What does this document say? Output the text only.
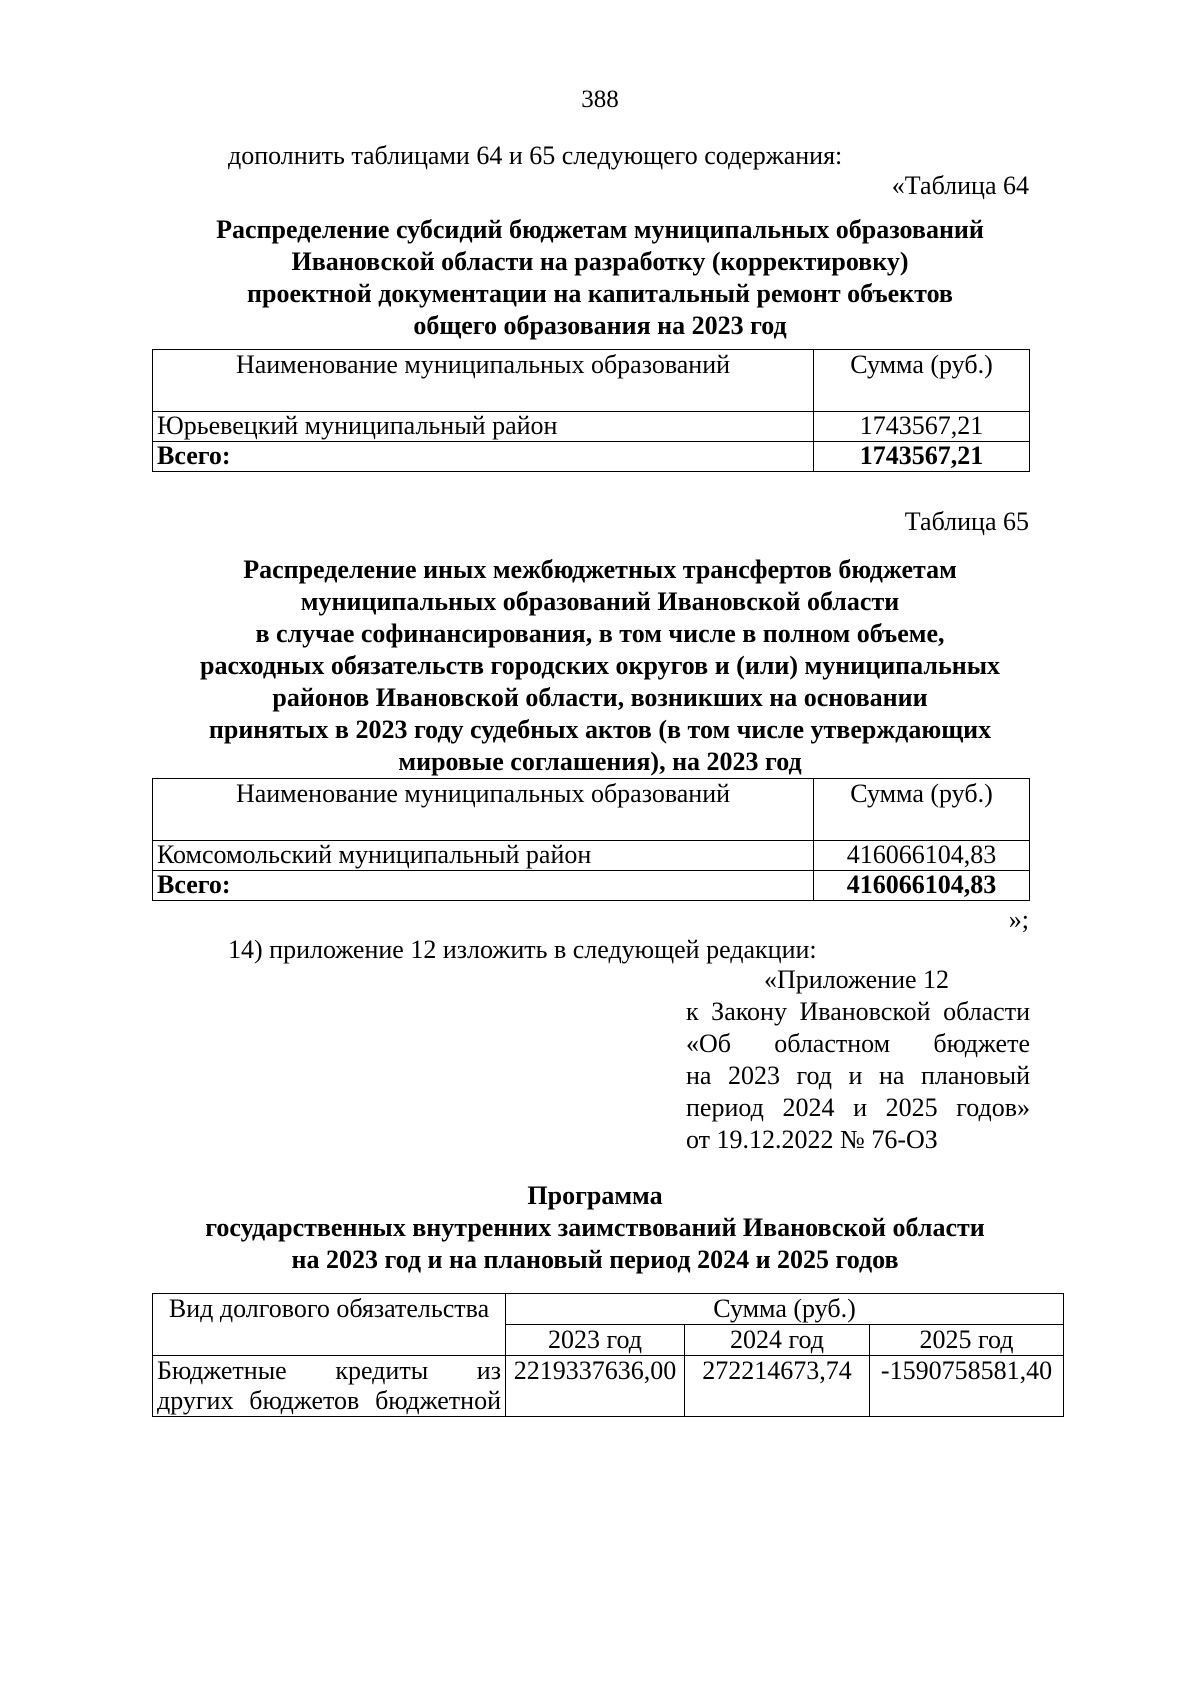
388
дополнить таблицами 64 и 65 следующего содержания:
«Таблица 64
Распределение субсидий бюджетам муниципальных образований
Ивановской области на разработку (корректировку)
проектной документации на капитальный ремонт объектов
общего образования на 2023 год
Наименование муниципальных образований	Сумма (руб.)
Юрьевецкий муниципальный район	1743567,21
Всего:	1743567,21
Таблица 65
Распределение иных межбюджетных трансфертов бюджетам
муниципальных образований Ивановской области
в случае софинансирования, в том числе в полном объеме,
расходных обязательств городских округов и (или) муниципальных
районов Ивановской области, возникших на основании
принятых в 2023 году судебных актов (в том числе утверждающих
мировые соглашения), на 2023 год
Наименование муниципальных образований	Сумма (руб.)
Комсомольский муниципальный район	416066104,83
Всего:	416066104,83
»;
14) приложение 12 изложить в следующей редакции:
«Приложение 12
к Закону Ивановской области
«Об областном бюджете
на 2023 год и на плановый
период 2024 и 2025 годов»
от 19.12.2022 № 76-ОЗ
Программа
государственных внутренних заимствований Ивановской области
на 2023 год и на плановый период 2024 и 2025 годов
Вид долгового обязательства	Сумма (руб.)		
	2023 год	2024 год	2025 год

Бюджетные кредиты из
других бюджетов бюджетной	2219337636,00	272214673,74	-1590758581,40
